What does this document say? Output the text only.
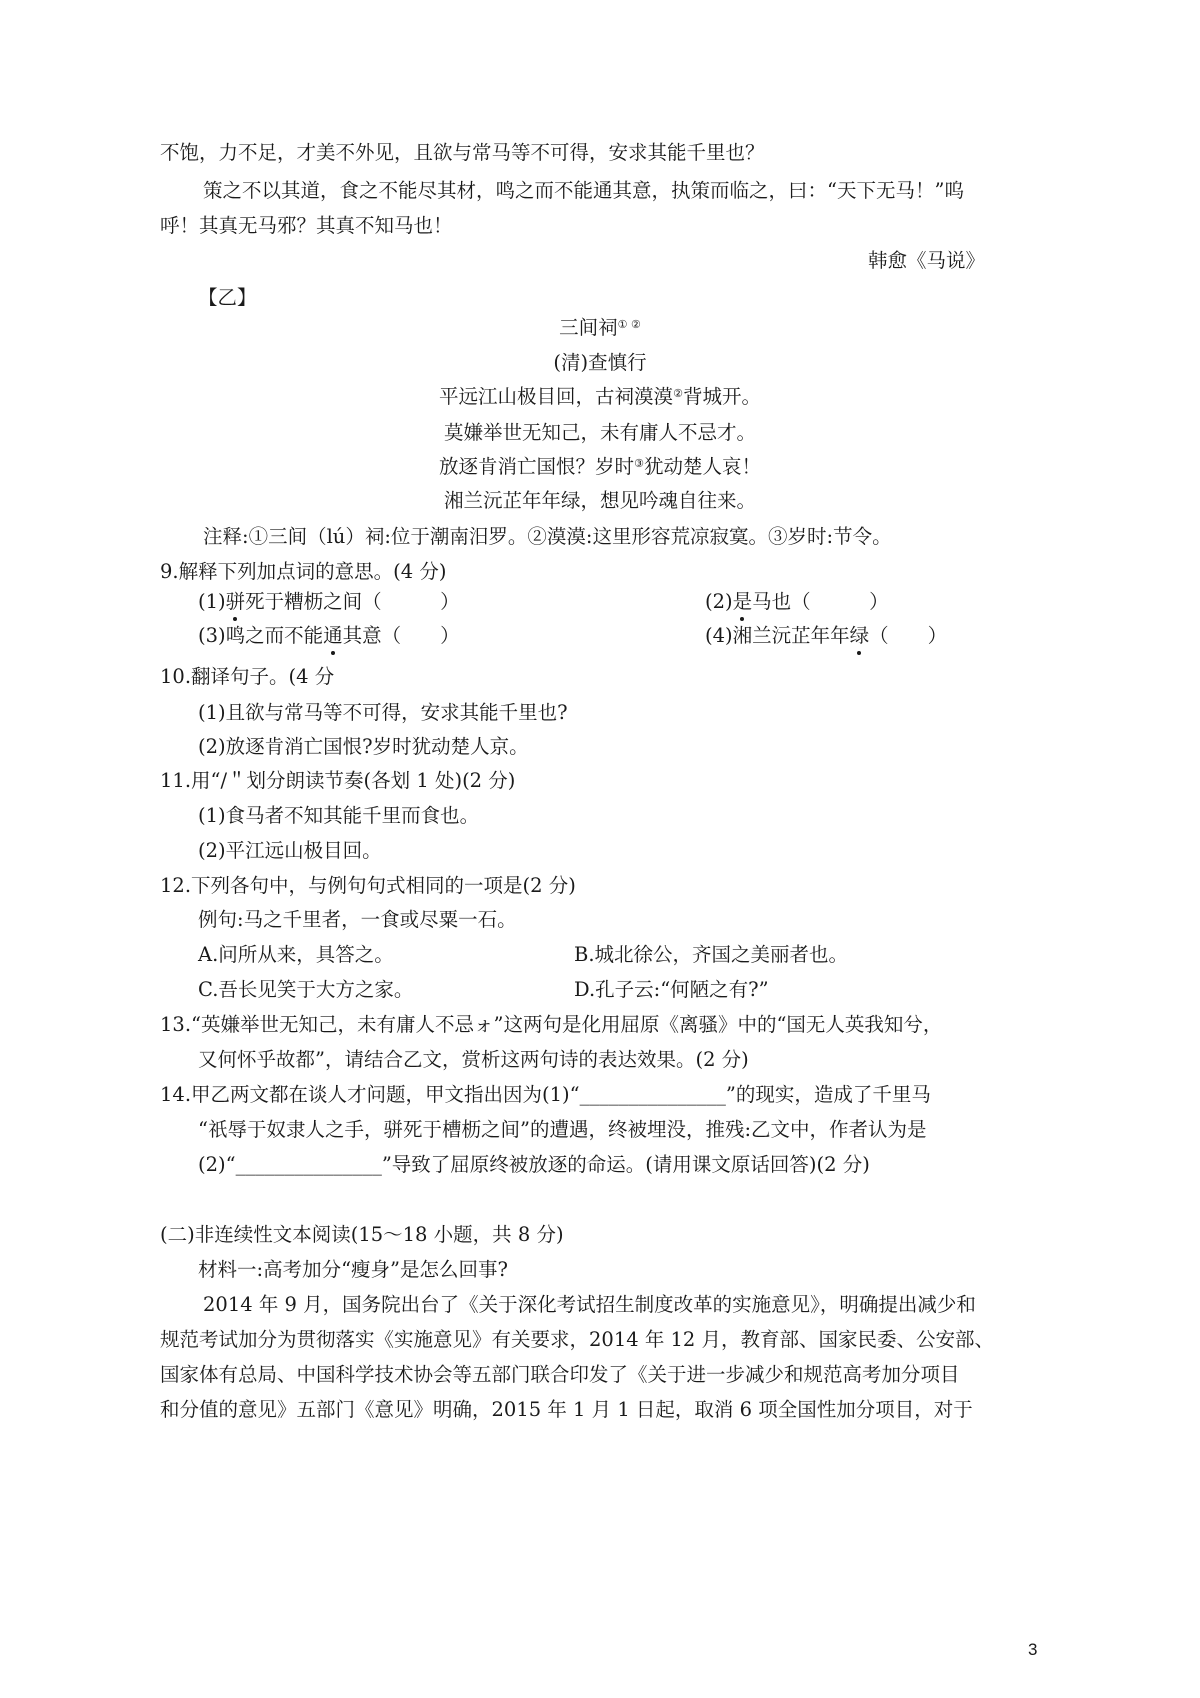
不饱，力不足，才美不外见，且欲与常马等不可得，安求其能千里也？
策之不以其道，食之不能尽其材，鸣之而不能通其意，执策而临之，曰：“天下无马！”呜
呼！其真无马邪？其真不知马也！
韩愈《马说》
【乙】
三间祠① ②
(清)查慎行
平远江山极目回，古祠漠漠②背城开。
莫嫌举世无知己，未有庸人不忌才。
放逐肯消亡国恨？岁时③犹动楚人哀！
湘兰沅芷年年绿，想见吟魂自往来。
注释:①三间（lú）祠:位于潮南汨罗。②漠漠:这里形容荒凉寂寞。③岁时:节令。
9.解释下列加点词的意思。(4 分)
(1)骈死于糟枥之间（　　　）	(2)是马也（　　　）
(3)鸣之而不能通其意（　　）	(4)湘兰沅芷年年绿（　　）
10.翻译句子。(4 分
(1)且欲与常马等不可得，安求其能千里也?
(2)放逐肯消亡国恨?岁时犹动楚人京。
11.用“/＂划分朗读节奏(各划 1 处)(2 分)
(1)食马者不知其能千里而食也。
(2)平江远山极目回。
12.下列各句中，与例句句式相同的一项是(2 分)
例句:马之千里者，一食或尽粟一石。
A.问所从来，具答之。	B.城北徐公，齐国之美丽者也。
C.吾长见笑于大方之家。	D.孔子云:“何陋之有?”
13.“英嫌举世无知己，未有庸人不忌ォ”这两句是化用屈原《离骚》中的“国无人英我知兮，
又何怀乎故都”，请结合乙文，赏析这两句诗的表达效果。(2 分)
14.甲乙两文都在谈人才问题，甲文指出因为(1)“_______________”的现实，造成了千里马
“祇辱于奴隶人之手，骈死于槽枥之间”的遭遇，终被埋没，推残:乙文中，作者认为是
(2)“_______________”导致了屈原终被放逐的命运。(请用课文原话回答)(2 分)
(二)非连续性文本阅读(15～18 小题，共 8 分)
材料一:高考加分“瘦身”是怎么回事?
2014 年 9 月，国务院出台了《关于深化考试招生制度改革的实施意见》，明确提出减少和
规范考试加分为贯彻落实《实施意见》有关要求，2014 年 12 月，教育部、国家民委、公安部、
国家体有总局、中国科学技术协会等五部门联合印发了《关于进一步减少和规范高考加分项目
和分值的意见》五部门《意见》明确，2015 年 1 月 1 日起，取消 6 项全国性加分项目，对于
3
